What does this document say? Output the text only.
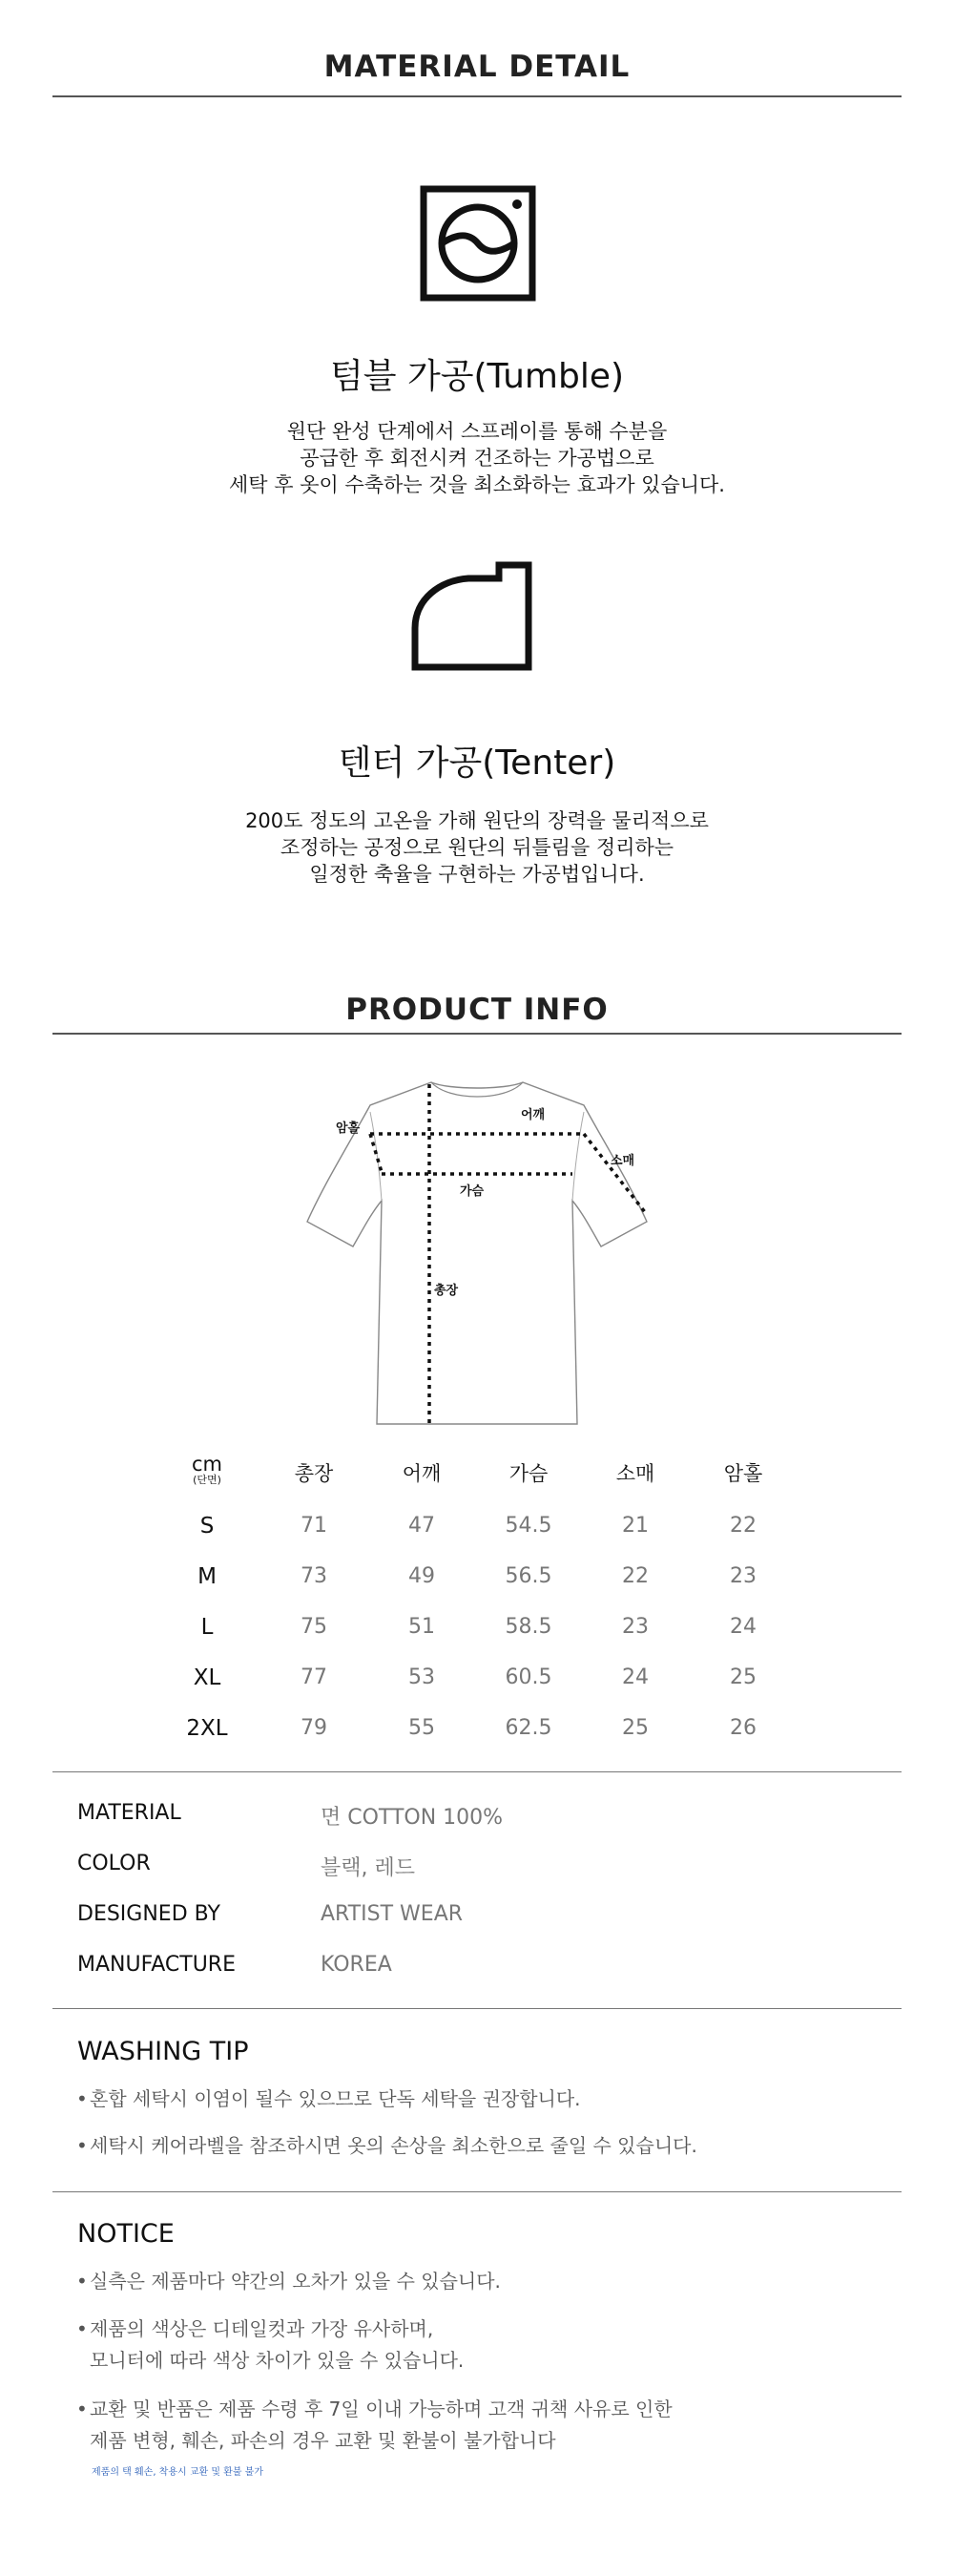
MATERIAL DETAIL
텀블 가공(Tumble)
원단 완성 단계에서 스프레이를 통해 수분을
공급한 후 회전시켜 건조하는 가공법으로
세탁 후 옷이 수축하는 것을 최소화하는 효과가 있습니다.
텐터 가공(Tenter)
200도 정도의 고온을 가해 원단의 장력을 물리적으로
조정하는 공정으로 원단의 뒤틀림을 정리하는
일정한 축율을 구현하는 가공법입니다.
PRODUCT INFO
암홀
어깨
소매
가슴
총장
cm
(단면)	총장	어깨	가슴	소매	암홀
S	71	47	54.5	21	22
M	73	49	56.5	22	23
L	75	51	58.5	23	24
XL	77	53	60.5	24	25
2XL	79	55	62.5	25	26
MATERIAL	면 COTTON 100%
COLOR	블랙, 레드
DESIGNED BY	ARTIST WEAR
MANUFACTURE	KOREA
WASHING TIP
• 혼합 세탁시 이염이 될수 있으므로 단독 세탁을 권장합니다.
• 세탁시 케어라벨을 참조하시면 옷의 손상을 최소한으로 줄일 수 있습니다.
NOTICE
• 실측은 제품마다 약간의 오차가 있을 수 있습니다.
• 제품의 색상은 디테일컷과 가장 유사하며,
모니터에 따라 색상 차이가 있을 수 있습니다.
• 교환 및 반품은 제품 수령 후 7일 이내 가능하며 고객 귀책 사유로 인한
제품 변형, 훼손, 파손의 경우 교환 및 환불이 불가합니다
제품의 택 훼손, 착용시 교환 및 환불 불가
